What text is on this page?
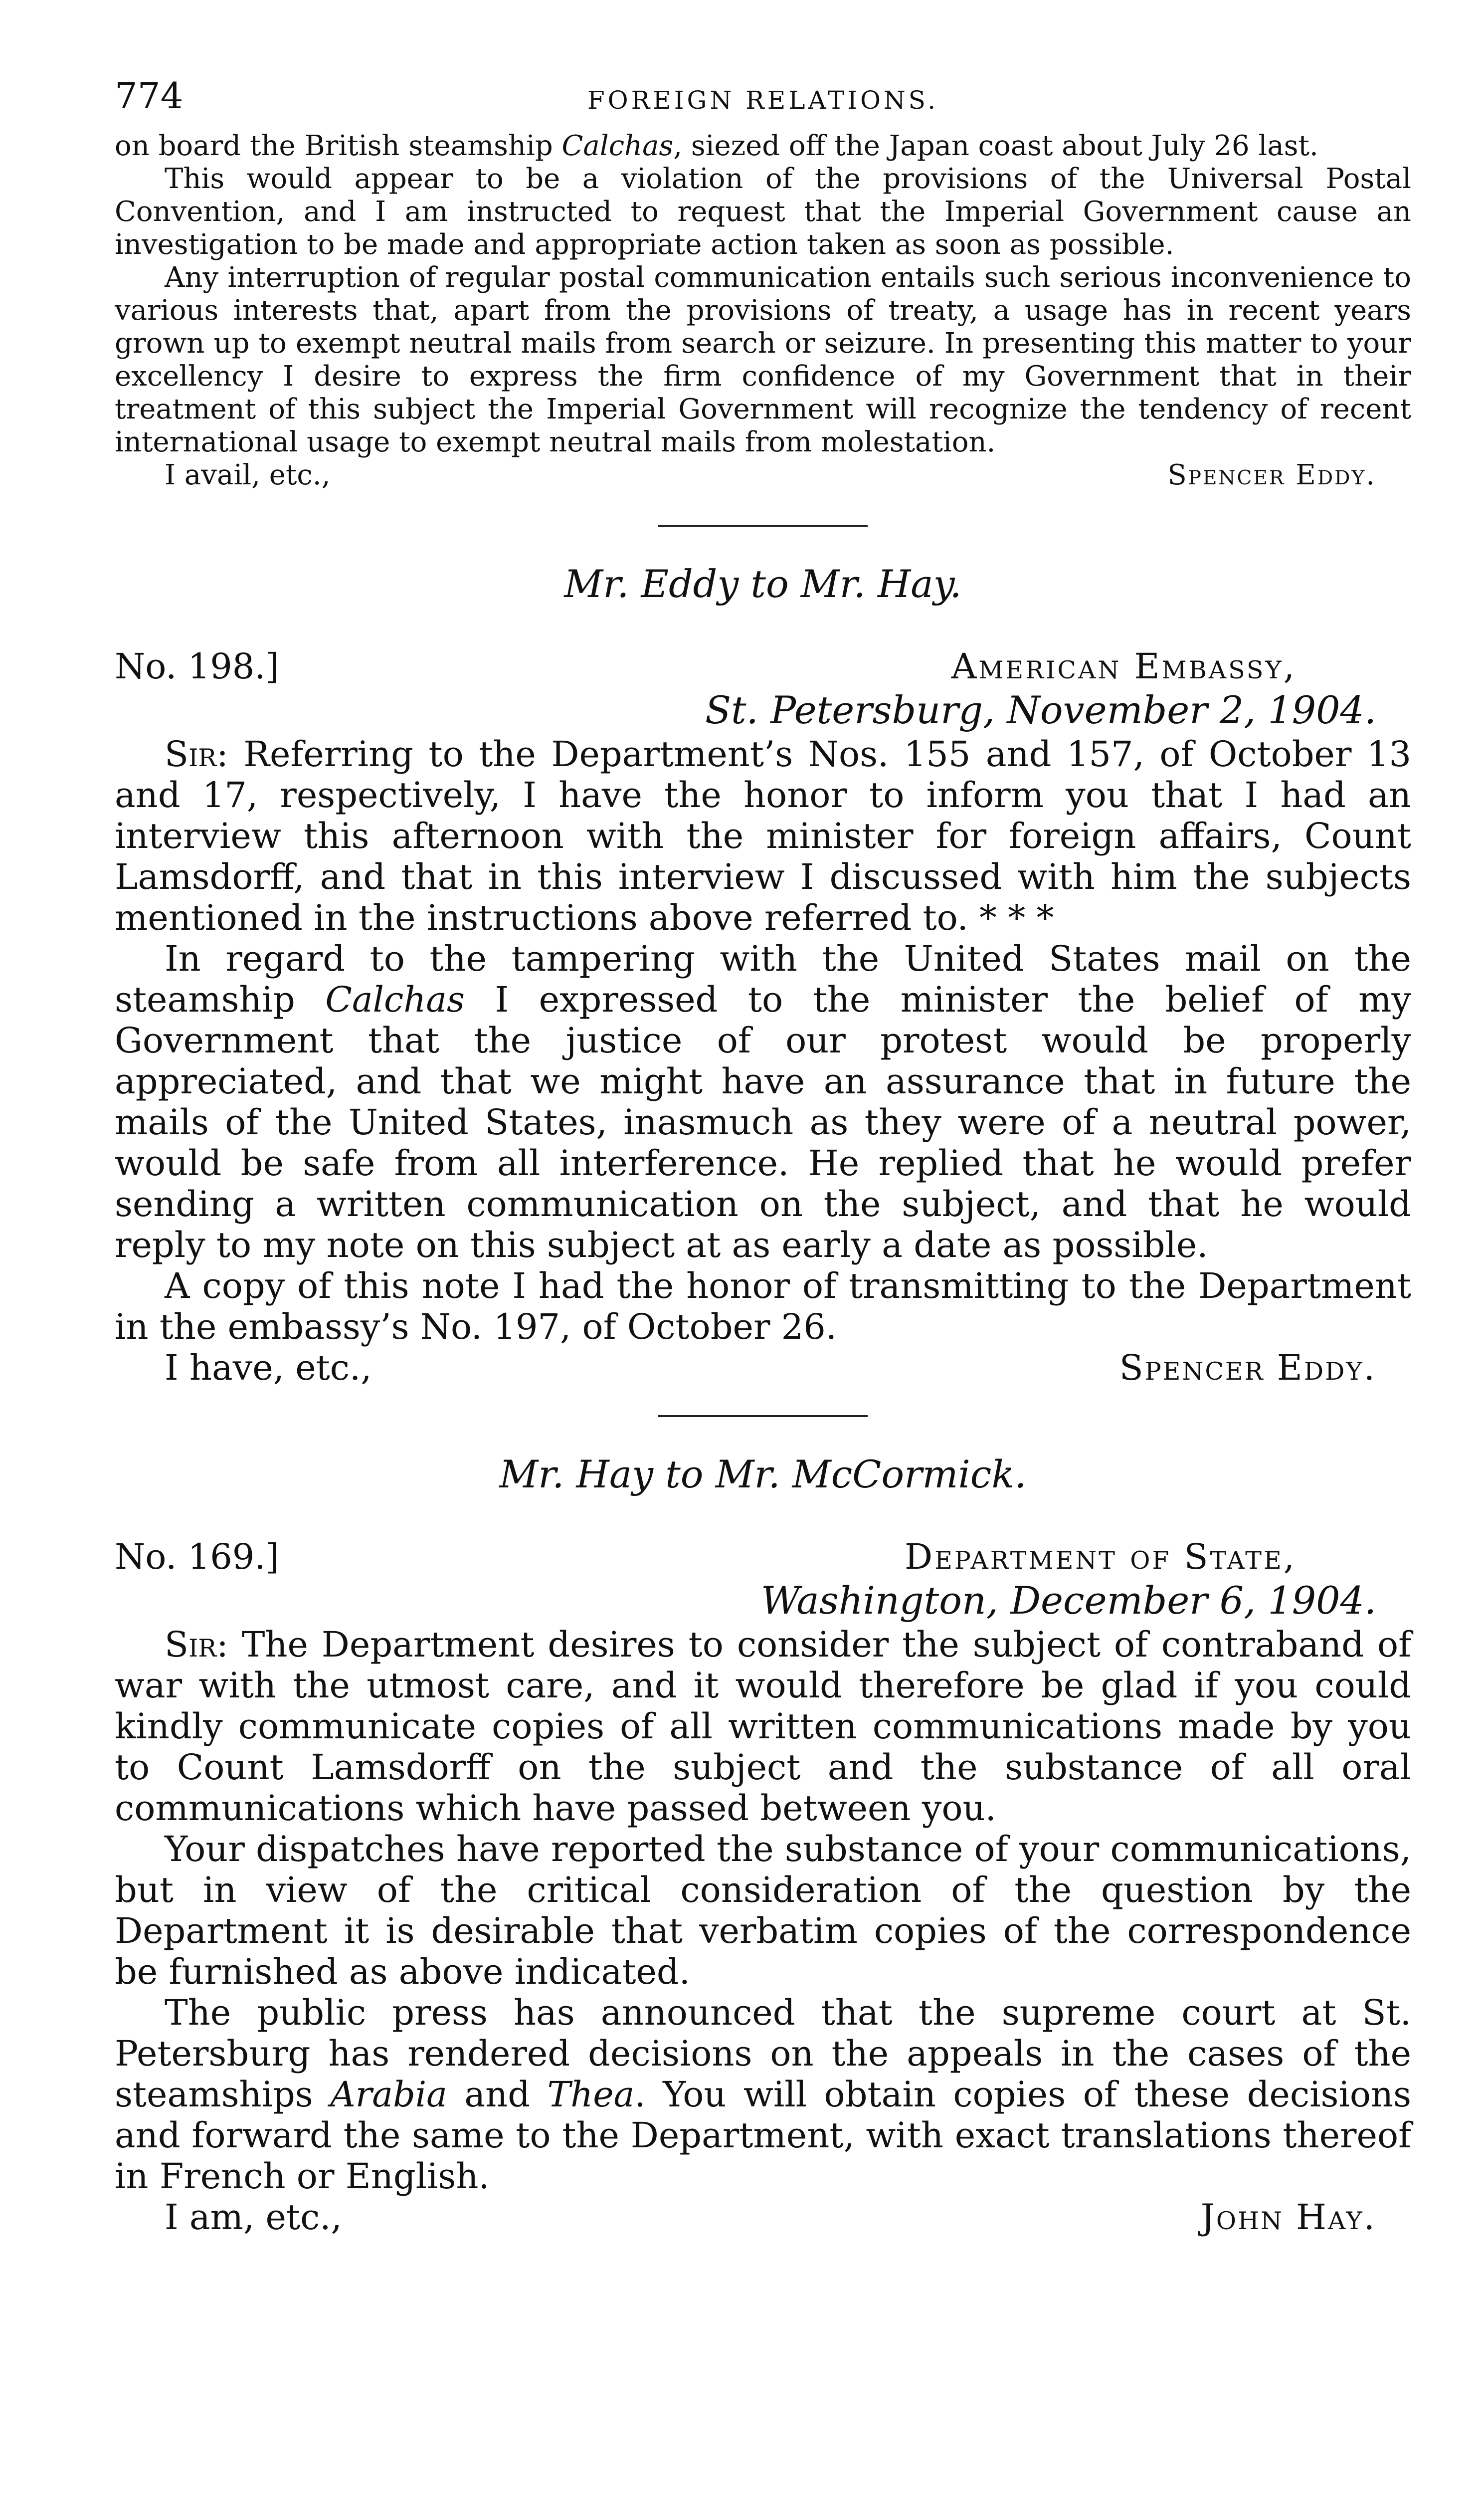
774	FOREIGN RELATIONS.

on board the British steamship Calchas, siezed off the Japan coast about July 26 last.

This would appear to be a violation of the provisions of the Universal Postal Convention, and I am instructed to request that the Imperial Government cause an investigation to be made and appropriate action taken as soon as possible.

Any interruption of regular postal communication entails such serious inconvenience to various interests that, apart from the provisions of treaty, a usage has in recent years grown up to exempt neutral mails from search or seizure. In presenting this matter to your excellency I desire to express the firm confidence of my Government that in their treatment of this subject the Imperial Government will recognize the tendency of recent international usage to exempt neutral mails from molestation.

I avail, etc.,	Spencer Eddy.
Mr. Eddy to Mr. Hay.
No. 198.]	American Embassy,
St. Petersburg, November 2, 1904.

Sir: Referring to the Department’s Nos. 155 and 157, of October 13 and 17, respectively, I have the honor to inform you that I had an interview this afternoon with the minister for foreign affairs, Count Lamsdorff, and that in this interview I discussed with him the subjects mentioned in the instructions above referred to. * * *

In regard to the tampering with the United States mail on the steamship Calchas I expressed to the minister the belief of my Government that the justice of our protest would be properly appreciated, and that we might have an assurance that in future the mails of the United States, inasmuch as they were of a neutral power, would be safe from all interference. He replied that he would prefer sending a written communication on the subject, and that he would reply to my note on this subject at as early a date as possible.

A copy of this note I had the honor of transmitting to the Department in the embassy’s No. 197, of October 26.

I have, etc.,	Spencer Eddy.
Mr. Hay to Mr. McCormick.
No. 169.]	Department of State,
Washington, December 6, 1904.

Sir: The Department desires to consider the subject of contraband of war with the utmost care, and it would therefore be glad if you could kindly communicate copies of all written communications made by you to Count Lamsdorff on the subject and the substance of all oral communications which have passed between you.

Your dispatches have reported the substance of your communications, but in view of the critical consideration of the question by the Department it is desirable that verbatim copies of the correspondence be furnished as above indicated.

The public press has announced that the supreme court at St. Petersburg has rendered decisions on the appeals in the cases of the steamships Arabia and Thea. You will obtain copies of these decisions and forward the same to the Department, with exact translations thereof in French or English.

I am, etc.,	John Hay.
